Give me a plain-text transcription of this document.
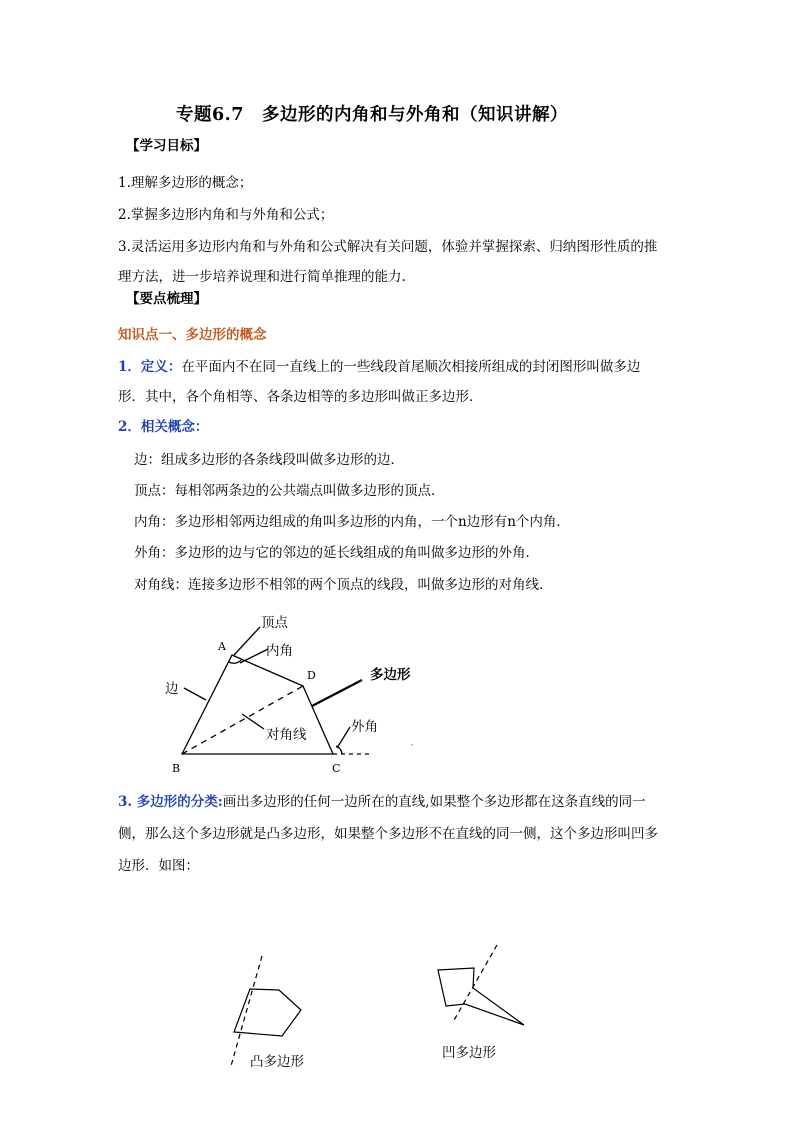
专题6.7　多边形的内角和与外角和（知识讲解）
【学习目标】
1.理解多边形的概念；
2.掌握多边形内角和与外角和公式；
3.灵活运用多边形内角和与外角和公式解决有关问题，体验并掌握探索、归纳图形性质的推
理方法，进一步培养说理和进行简单推理的能力.
【要点梳理】
知识点一、多边形的概念
1．定义：在平面内不在同一直线上的一些线段首尾顺次相接所组成的封闭图形叫做多边
形．其中，各个角相等、各条边相等的多边形叫做正多边形．
2．相关概念：
边：组成多边形的各条线段叫做多边形的边．
顶点：每相邻两条边的公共端点叫做多边形的顶点．
内角：多边形相邻两边组成的角叫多边形的内角，一个n边形有n个内角．
外角：多边形的边与它的邻边的延长线组成的角叫做多边形的外角．
对角线：连接多边形不相邻的两个顶点的线段，叫做多边形的对角线．
A
B	C
D
顶点
内角
边
多边形
对角线	外角
凸多边形
凹多边形
3. 多边形的分类:画出多边形的任何一边所在的直线,如果整个多边形都在这条直线的同一
侧，那么这个多边形就是凸多边形，如果整个多边形不在直线的同一侧，这个多边形叫凹多
边形．如图：
